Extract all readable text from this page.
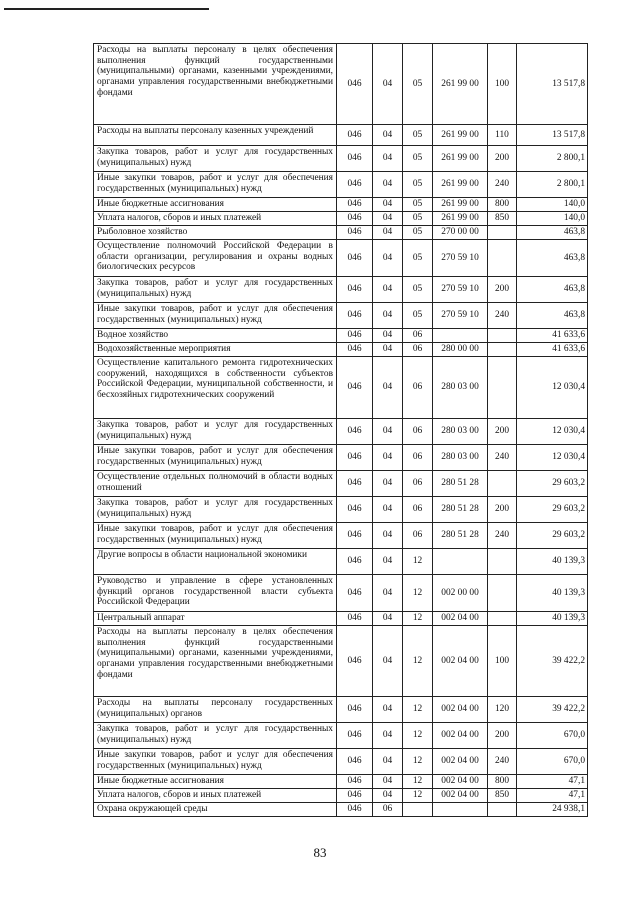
Расходы на выплаты персоналу в целях обеспечения выполнения функций государственными (муниципальными) органами, казенными учреждениями, органами управления государственными внебюджетными фондами	046	04	05	261 99 00	100	13 517,8
Расходы на выплаты персоналу казенных учреждений	046	04	05	261 99 00	110	13 517,8
Закупка товаров, работ и услуг для государственных (муниципальных) нужд	046	04	05	261 99 00	200	2 800,1
Иные закупки товаров, работ и услуг для обеспечения государственных (муниципальных) нужд	046	04	05	261 99 00	240	2 800,1
Иные бюджетные ассигнования	046	04	05	261 99 00	800	140,0
Уплата налогов, сборов и иных платежей	046	04	05	261 99 00	850	140,0
Рыболовное хозяйство	046	04	05	270 00 00		463,8
Осуществление полномочий Российской Федерации в области организации, регулирования и охраны водных биологических ресурсов	046	04	05	270 59 10		463,8
Закупка товаров, работ и услуг для государственных (муниципальных) нужд	046	04	05	270 59 10	200	463,8
Иные закупки товаров, работ и услуг для обеспечения государственных (муниципальных) нужд	046	04	05	270 59 10	240	463,8
Водное хозяйство	046	04	06			41 633,6
Водохозяйственные мероприятия	046	04	06	280 00 00		41 633,6
Осуществление капитального ремонта гидротехнических сооружений, находящихся в собственности субъектов Российской Федерации, муниципальной собственности, и бесхозяйных гидротехнических сооружений	046	04	06	280 03 00		12 030,4
Закупка товаров, работ и услуг для государственных (муниципальных) нужд	046	04	06	280 03 00	200	12 030,4
Иные закупки товаров, работ и услуг для обеспечения государственных (муниципальных) нужд	046	04	06	280 03 00	240	12 030,4
Осуществление отдельных полномочий в области водных отношений	046	04	06	280 51 28		29 603,2
Закупка товаров, работ и услуг для государственных (муниципальных) нужд	046	04	06	280 51 28	200	29 603,2
Иные закупки товаров, работ и услуг для обеспечения государственных (муниципальных) нужд	046	04	06	280 51 28	240	29 603,2
Другие вопросы в области национальной экономики	046	04	12			40 139,3
Руководство и управление в сфере установленных функций органов государственной власти субъекта Российской Федерации	046	04	12	002 00 00		40 139,3
Центральный аппарат	046	04	12	002 04 00		40 139,3
Расходы на выплаты персоналу в целях обеспечения выполнения функций государственными (муниципальными) органами, казенными учреждениями, органами управления государственными внебюджетными фондами	046	04	12	002 04 00	100	39 422,2
Расходы на выплаты персоналу государственных (муниципальных) органов	046	04	12	002 04 00	120	39 422,2
Закупка товаров, работ и услуг для государственных (муниципальных) нужд	046	04	12	002 04 00	200	670,0
Иные закупки товаров, работ и услуг для обеспечения государственных (муниципальных) нужд	046	04	12	002 04 00	240	670,0
Иные бюджетные ассигнования	046	04	12	002 04 00	800	47,1
Уплата налогов, сборов и иных платежей	046	04	12	002 04 00	850	47,1
Охрана окружающей среды	046	06				24 938,1
83
